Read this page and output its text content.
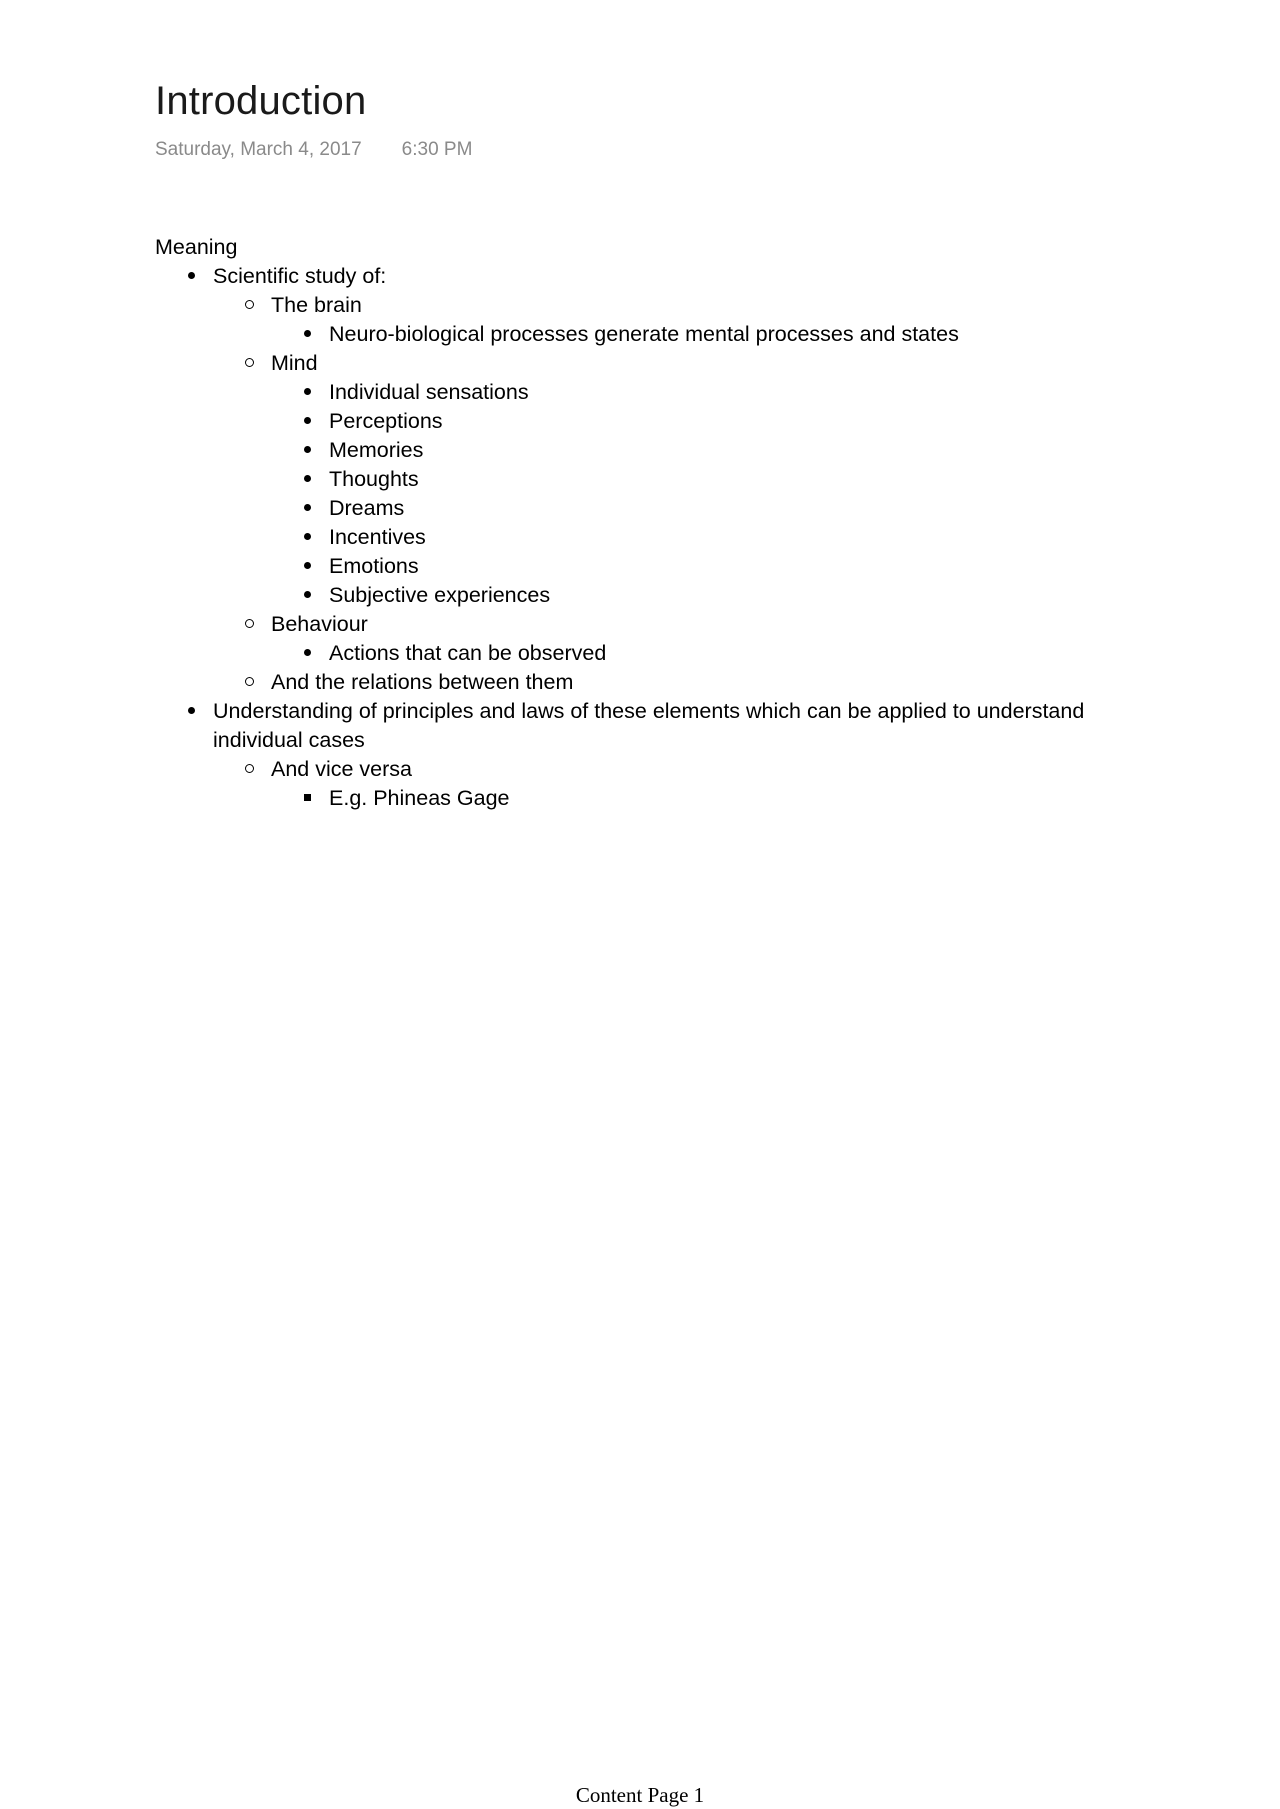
Introduction
Saturday, March 4, 2017 6:30 PM
Meaning
Scientific study of:
The brain
Neuro-biological processes generate mental processes and states
Mind
Individual sensations
Perceptions
Memories
Thoughts
Dreams
Incentives
Emotions
Subjective experiences
Behaviour
Actions that can be observed
And the relations between them
Understanding of principles and laws of these elements which can be applied to understand individual cases
And vice versa
E.g. Phineas Gage
Content Page 1
